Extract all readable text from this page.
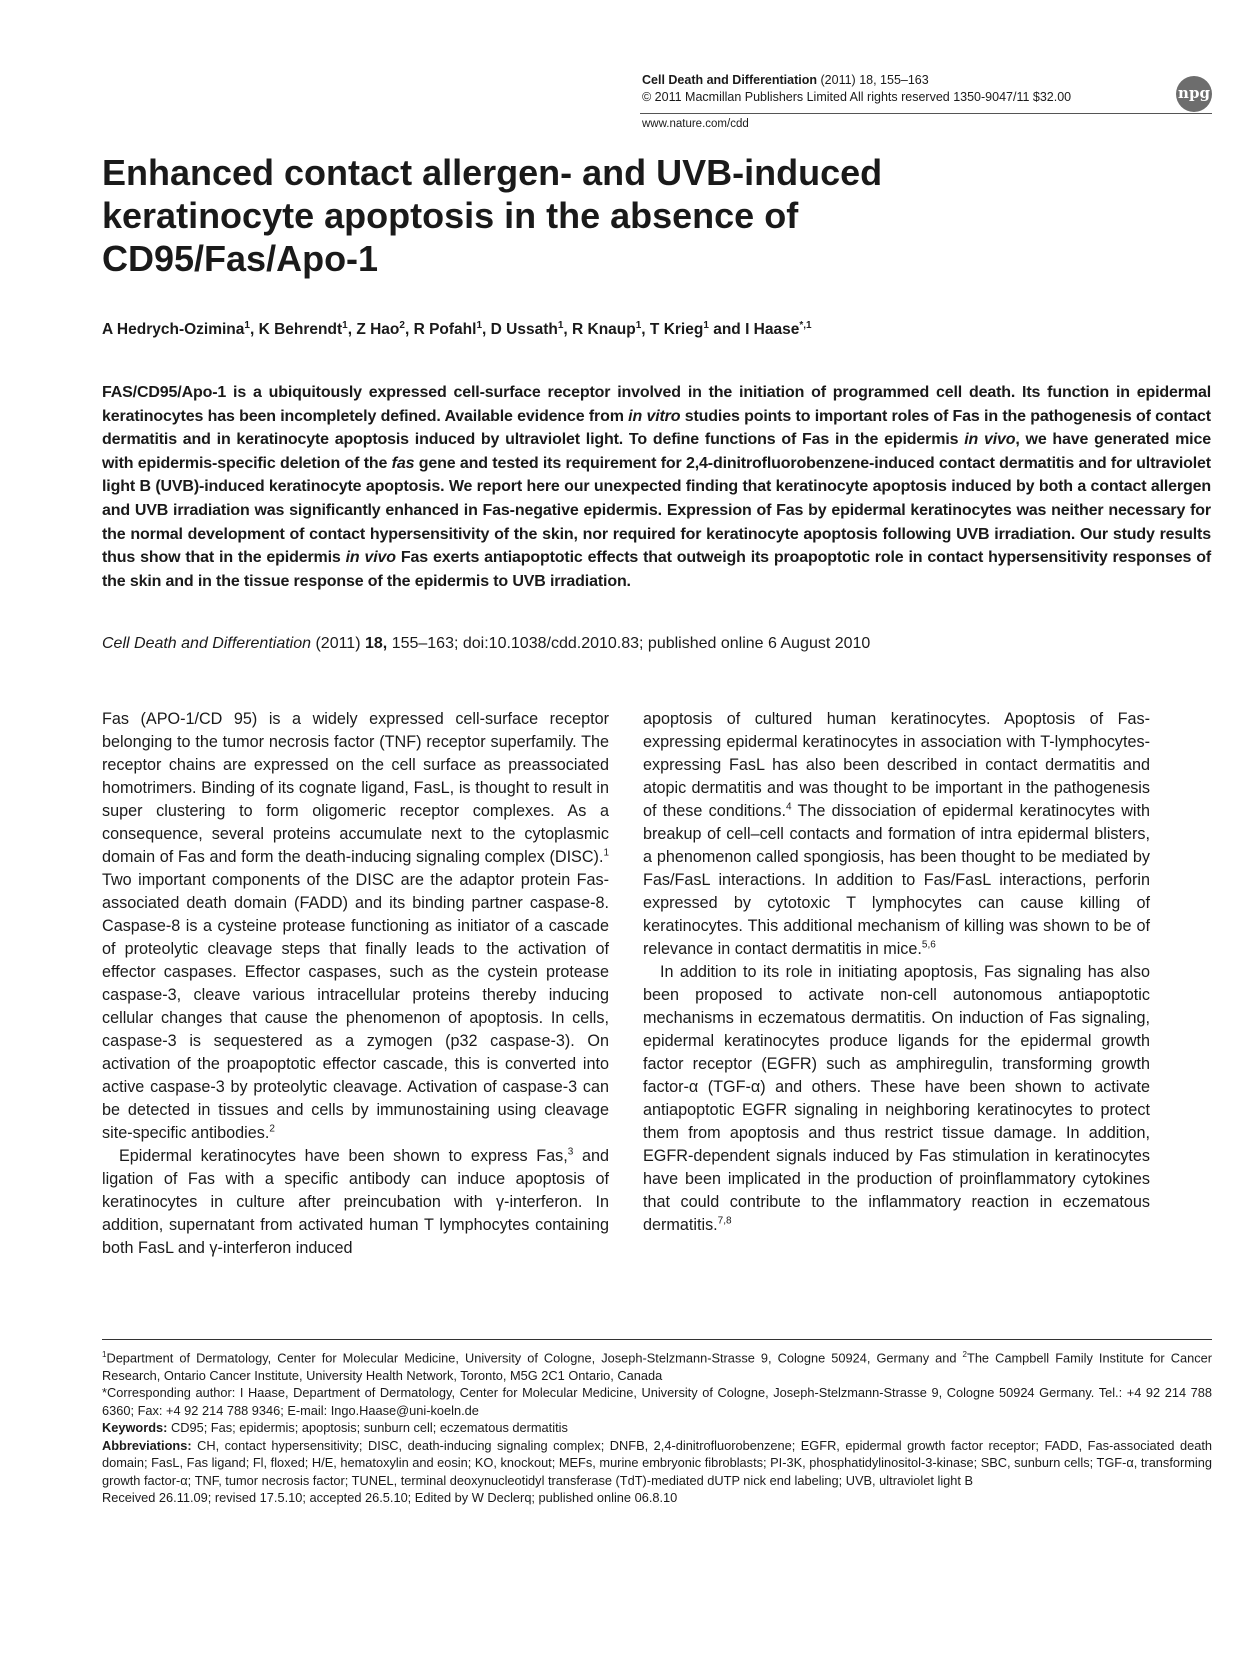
Cell Death and Differentiation (2011) 18, 155–163
© 2011 Macmillan Publishers Limited All rights reserved 1350-9047/11 $32.00	npg
www.nature.com/cdd
Enhanced contact allergen- and UVB-induced keratinocyte apoptosis in the absence of CD95/Fas/Apo-1
A Hedrych-Ozimina$^1$, K Behrendt$^1$, Z Hao$^2$, R Pofahl$^1$, D Ussath$^1$, R Knaup$^1$, T Krieg$^1$ and I Haase$^{*,1}$

FAS/CD95/Apo-1 is a ubiquitously expressed cell-surface receptor involved in the initiation of programmed cell death. Its function in epidermal keratinocytes has been incompletely defined. Available evidence from in vitro studies points to important roles of Fas in the pathogenesis of contact dermatitis and in keratinocyte apoptosis induced by ultraviolet light. To define functions of Fas in the epidermis in vivo, we have generated mice with epidermis-specific deletion of the fas gene and tested its requirement for 2,4-dinitrofluorobenzene-induced contact dermatitis and for ultraviolet light B (UVB)-induced keratinocyte apoptosis. We report here our unexpected finding that keratinocyte apoptosis induced by both a contact allergen and UVB irradiation was significantly enhanced in Fas-negative epidermis. Expression of Fas by epidermal keratinocytes was neither necessary for the normal development of contact hypersensitivity of the skin, nor required for keratinocyte apoptosis following UVB irradiation. Our study results thus show that in the epidermis in vivo Fas exerts antiapoptotic effects that outweigh its proapoptotic role in contact hypersensitivity responses of the skin and in the tissue response of the epidermis to UVB irradiation.

Cell Death and Differentiation (2011) 18, 155–163; doi:10.1038/cdd.2010.83; published online 6 August 2010

Fas (APO-1/CD 95) is a widely expressed cell-surface receptor belonging to the tumor necrosis factor (TNF) receptor superfamily. The receptor chains are expressed on the cell surface as preassociated homotrimers. Binding of its cognate ligand, FasL, is thought to result in super clustering to form oligomeric receptor complexes. As a consequence, several proteins accumulate next to the cytoplasmic domain of Fas and form the death-inducing signaling complex (DISC).$^1$ Two important components of the DISC are the adaptor protein Fas-associated death domain (FADD) and its binding partner caspase-8. Caspase-8 is a cysteine protease functioning as initiator of a cascade of proteolytic cleavage steps that finally leads to the activation of effector caspases. Effector caspases, such as the cystein protease caspase-3, cleave various intracellular proteins thereby inducing cellular changes that cause the phenomenon of apoptosis. In cells, caspase-3 is sequestered as a zymogen (p32 caspase-3). On activation of the proapoptotic effector cascade, this is converted into active caspase-3 by proteolytic cleavage. Activation of caspase-3 can be detected in tissues and cells by immunostaining using cleavage site-specific antibodies.$^2$

Epidermal keratinocytes have been shown to express Fas,$^3$ and ligation of Fas with a specific antibody can induce apoptosis of keratinocytes in culture after preincubation with γ-interferon. In addition, supernatant from activated human T lymphocytes containing both FasL and γ-interferon induced

apoptosis of cultured human keratinocytes. Apoptosis of Fas-expressing epidermal keratinocytes in association with T-lymphocytes-expressing FasL has also been described in contact dermatitis and atopic dermatitis and was thought to be important in the pathogenesis of these conditions.$^4$ The dissociation of epidermal keratinocytes with breakup of cell–cell contacts and formation of intra epidermal blisters, a phenomenon called spongiosis, has been thought to be mediated by Fas/FasL interactions. In addition to Fas/FasL interactions, perforin expressed by cytotoxic T lymphocytes can cause killing of keratinocytes. This additional mechanism of killing was shown to be of relevance in contact dermatitis in mice.$^{5,6}$

In addition to its role in initiating apoptosis, Fas signaling has also been proposed to activate non-cell autonomous antiapoptotic mechanisms in eczematous dermatitis. On induction of Fas signaling, epidermal keratinocytes produce ligands for the epidermal growth factor receptor (EGFR) such as amphiregulin, transforming growth factor-α (TGF-α) and others. These have been shown to activate antiapoptotic EGFR signaling in neighboring keratinocytes to protect them from apoptosis and thus restrict tissue damage. In addition, EGFR-dependent signals induced by Fas stimulation in keratinocytes have been implicated in the production of proinflammatory cytokines that could contribute to the inflammatory reaction in eczematous dermatitis.$^{7,8}$

$^1$Department of Dermatology, Center for Molecular Medicine, University of Cologne, Joseph-Stelzmann-Strasse 9, Cologne 50924, Germany and $^2$The Campbell Family Institute for Cancer Research, Ontario Cancer Institute, University Health Network, Toronto, M5G 2C1 Ontario, Canada

*Corresponding author: I Haase, Department of Dermatology, Center for Molecular Medicine, University of Cologne, Joseph-Stelzmann-Strasse 9, Cologne 50924 Germany. Tel.: +4 92 214 788 6360; Fax: +4 92 214 788 9346; E-mail: Ingo.Haase@uni-koeln.de

Keywords: CD95; Fas; epidermis; apoptosis; sunburn cell; eczematous dermatitis

Abbreviations: CH, contact hypersensitivity; DISC, death-inducing signaling complex; DNFB, 2,4-dinitrofluorobenzene; EGFR, epidermal growth factor receptor; FADD, Fas-associated death domain; FasL, Fas ligand; Fl, floxed; H/E, hematoxylin and eosin; KO, knockout; MEFs, murine embryonic fibroblasts; PI-3K, phosphatidylinositol-3-kinase; SBC, sunburn cells; TGF-α, transforming growth factor-α; TNF, tumor necrosis factor; TUNEL, terminal deoxynucleotidyl transferase (TdT)-mediated dUTP nick end labeling; UVB, ultraviolet light B

Received 26.11.09; revised 17.5.10; accepted 26.5.10; Edited by W Declerq; published online 06.8.10
